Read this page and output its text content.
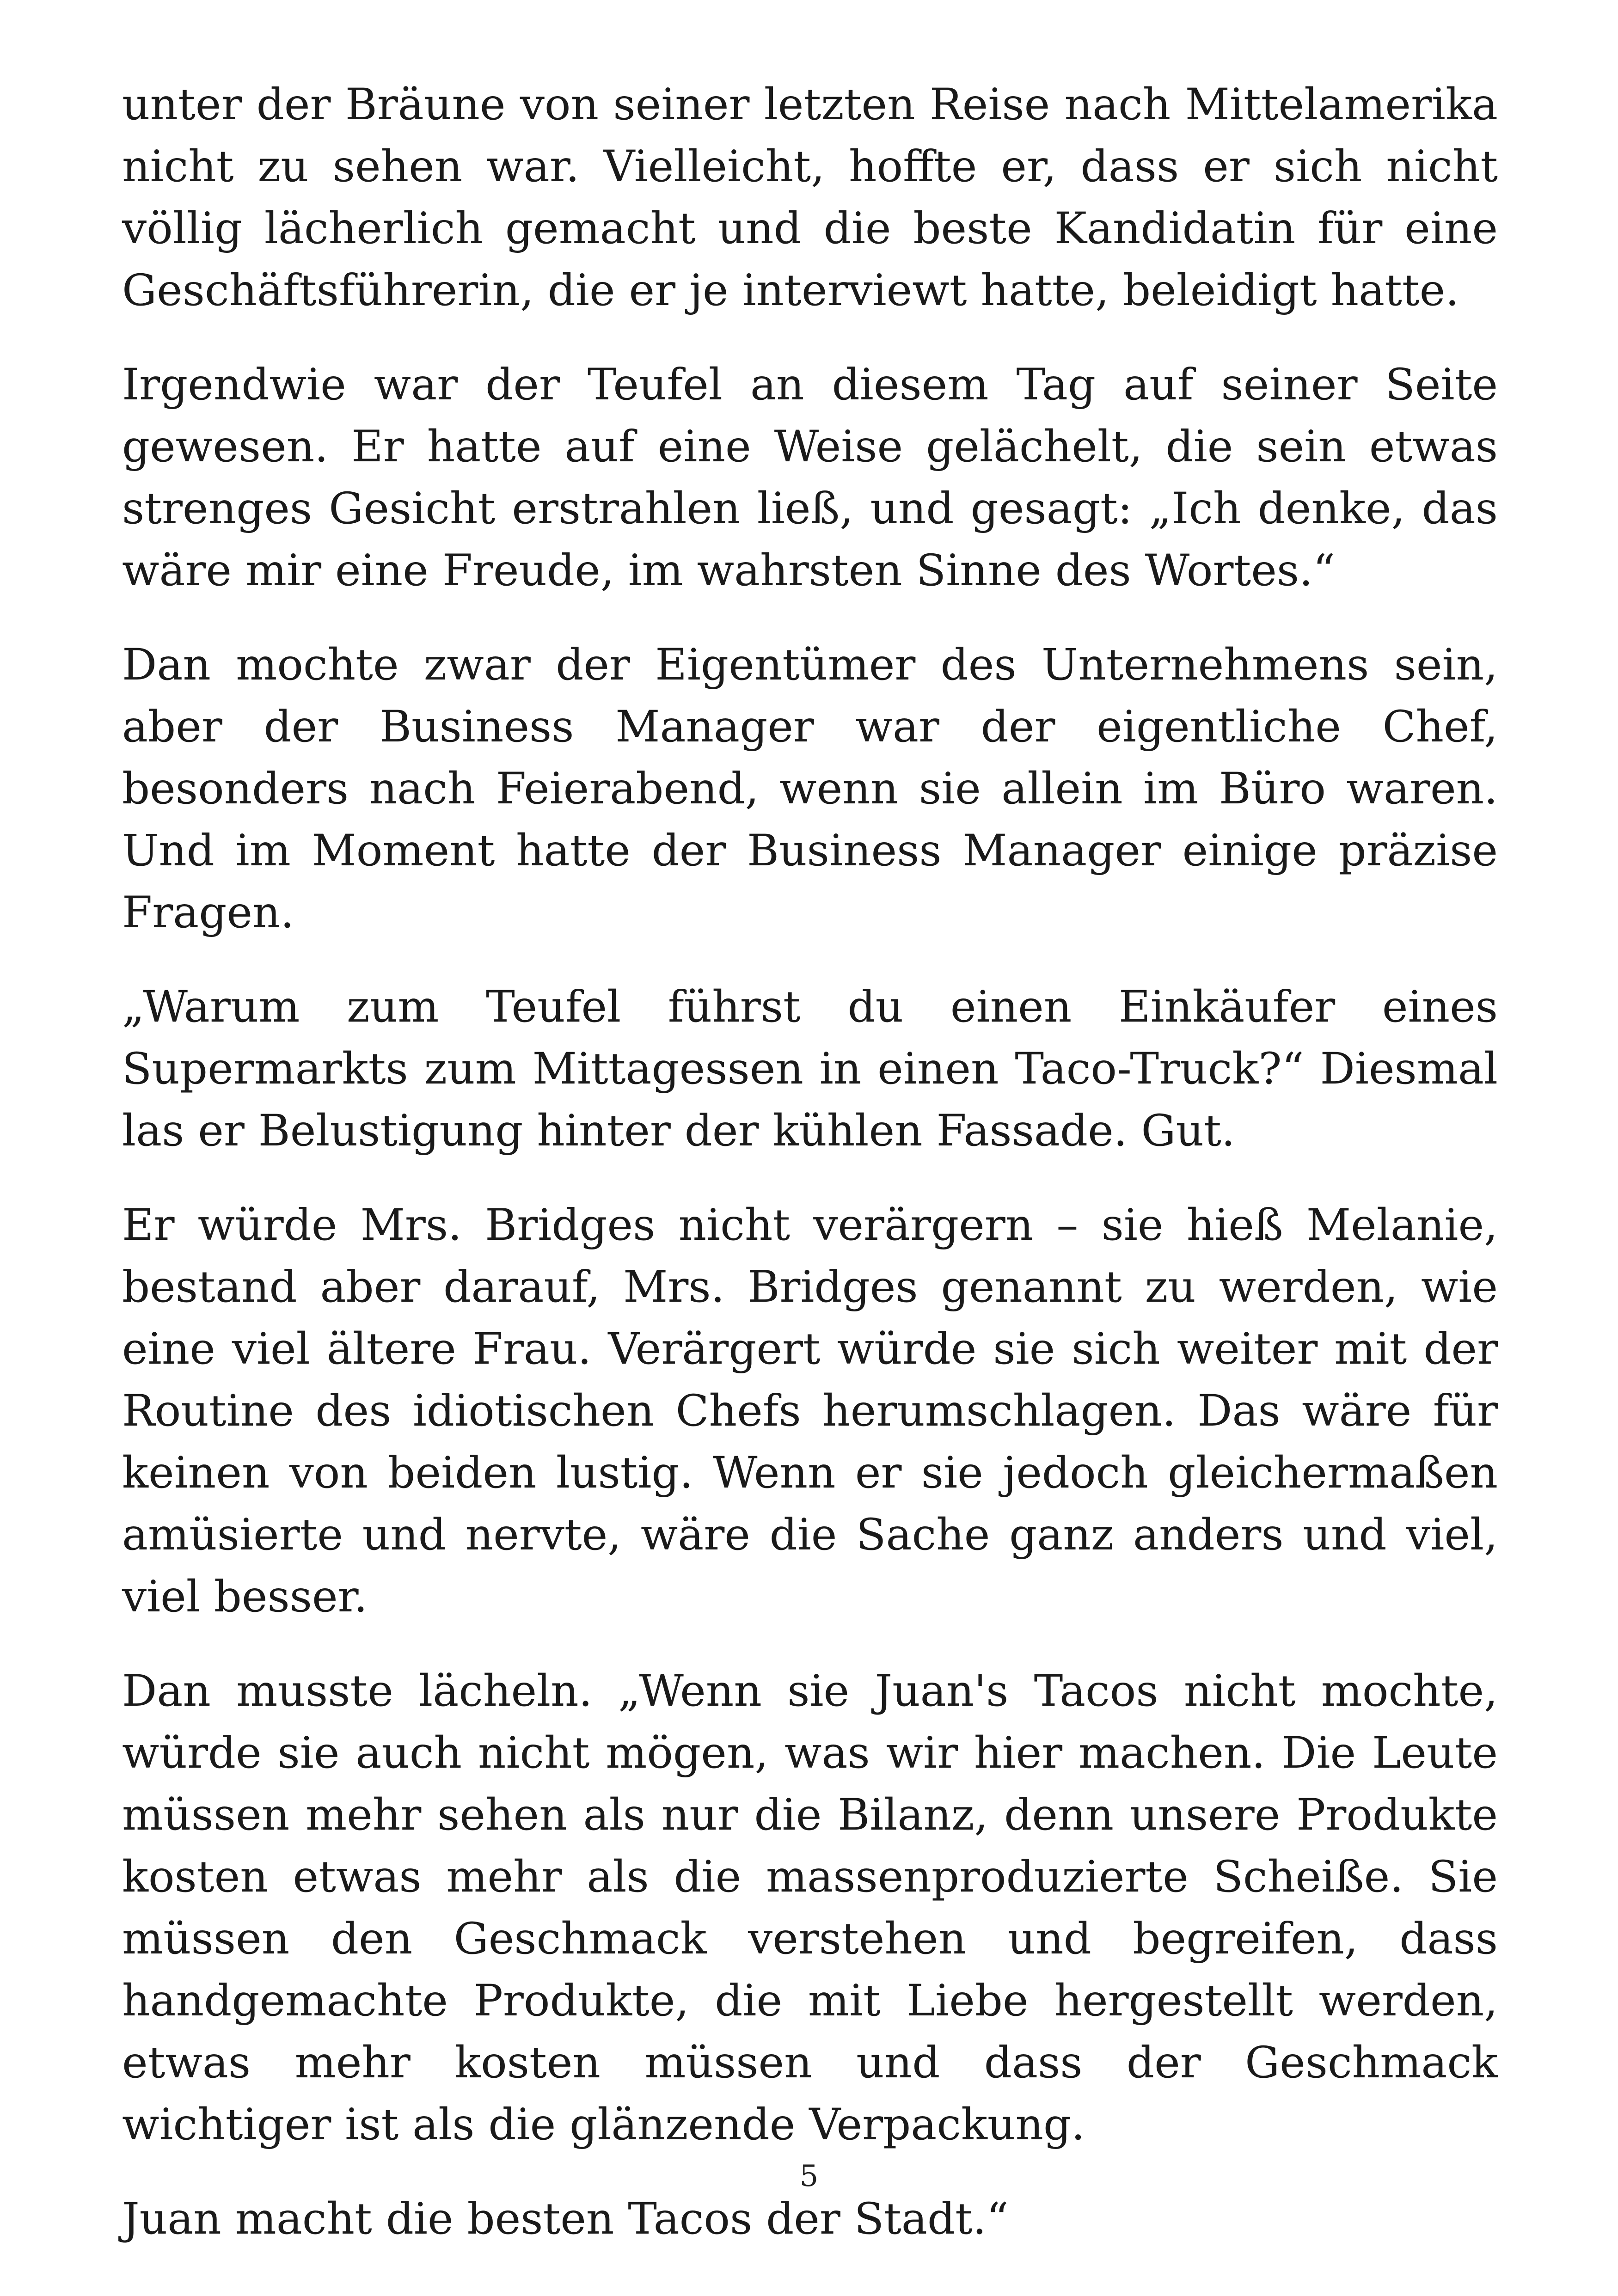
unter der Bräune von seiner letzten Reise nach Mittelamerika nicht zu sehen war. Vielleicht, hoffte er, dass er sich nicht völlig lächerlich gemacht und die beste Kandidatin für eine Geschäftsführerin, die er je interviewt hatte, beleidigt hatte.

Irgendwie war der Teufel an diesem Tag auf seiner Seite gewesen. Er hatte auf eine Weise gelächelt, die sein etwas strenges Gesicht erstrahlen ließ, und gesagt: „Ich denke, das wäre mir eine Freude, im wahrsten Sinne des Wortes.“

Dan mochte zwar der Eigentümer des Unternehmens sein, aber der Business Manager war der eigentliche Chef, besonders nach Feierabend, wenn sie allein im Büro waren. Und im Moment hatte der Business Manager einige präzise Fragen.

„Warum zum Teufel führst du einen Einkäufer eines Supermarkts zum Mittagessen in einen Taco-Truck?“ Diesmal las er Belustigung hinter der kühlen Fassade. Gut.

Er würde Mrs. Bridges nicht verärgern – sie hieß Melanie, bestand aber darauf, Mrs. Bridges genannt zu werden, wie eine viel ältere Frau. Verärgert würde sie sich weiter mit der Routine des idiotischen Chefs herumschlagen. Das wäre für keinen von beiden lustig. Wenn er sie jedoch gleichermaßen amüsierte und nervte, wäre die Sache ganz anders und viel, viel besser.

Dan musste lächeln. „Wenn sie Juan's Tacos nicht mochte, würde sie auch nicht mögen, was wir hier machen. Die Leute müssen mehr sehen als nur die Bilanz, denn unsere Produkte kosten etwas mehr als die massenproduzierte Scheiße. Sie müssen den Geschmack verstehen und begreifen, dass handgemachte Produkte, die mit Liebe hergestellt werden, etwas mehr kosten müssen und dass der Geschmack wichtiger ist als die glänzende Verpackung.

Juan macht die besten Tacos der Stadt.“

5
